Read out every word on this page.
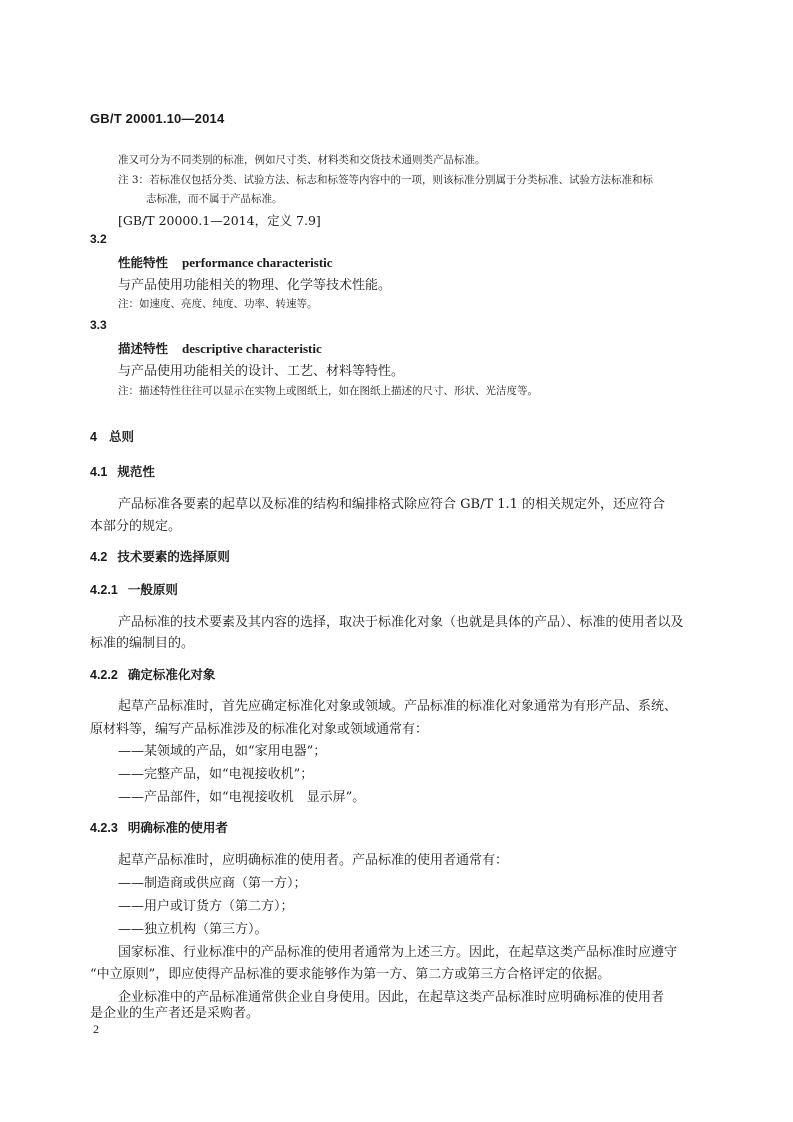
GB/T 20001.10—2014
准又可分为不同类别的标准，例如尺寸类、材料类和交货技术通则类产品标准。
注 3：若标准仅包括分类、试验方法、标志和标签等内容中的一项，则该标准分别属于分类标准、试验方法标准和标
志标准，而不属于产品标准。
[GB/T 20000.1—2014，定义 7.9]
3.2
性能特性 performance characteristic
与产品使用功能相关的物理、化学等技术性能。
注：如速度、亮度、纯度、功率、转速等。
3.3
描述特性 descriptive characteristic
与产品使用功能相关的设计、工艺、材料等特性。
注：描述特性往往可以显示在实物上或图纸上，如在图纸上描述的尺寸、形状、光洁度等。
4 总则
4.1 规范性
产品标准各要素的起草以及标准的结构和编排格式除应符合 GB/T 1.1 的相关规定外，还应符合
本部分的规定。
4.2 技术要素的选择原则
4.2.1 一般原则
产品标准的技术要素及其内容的选择，取决于标准化对象（也就是具体的产品）、标准的使用者以及
标准的编制目的。
4.2.2 确定标准化对象
起草产品标准时，首先应确定标准化对象或领域。产品标准的标准化对象通常为有形产品、系统、
原材料等，编写产品标准涉及的标准化对象或领域通常有：
——某领域的产品，如“家用电器”；
——完整产品，如“电视接收机”；
——产品部件，如“电视接收机　显示屏”。
4.2.3 明确标准的使用者
起草产品标准时，应明确标准的使用者。产品标准的使用者通常有：
——制造商或供应商（第一方）；
——用户或订货方（第二方）；
——独立机构（第三方）。
国家标准、行业标准中的产品标准的使用者通常为上述三方。因此，在起草这类产品标准时应遵守
“中立原则”，即应使得产品标准的要求能够作为第一方、第二方或第三方合格评定的依据。
企业标准中的产品标准通常供企业自身使用。因此，在起草这类产品标准时应明确标准的使用者
是企业的生产者还是采购者。
2
